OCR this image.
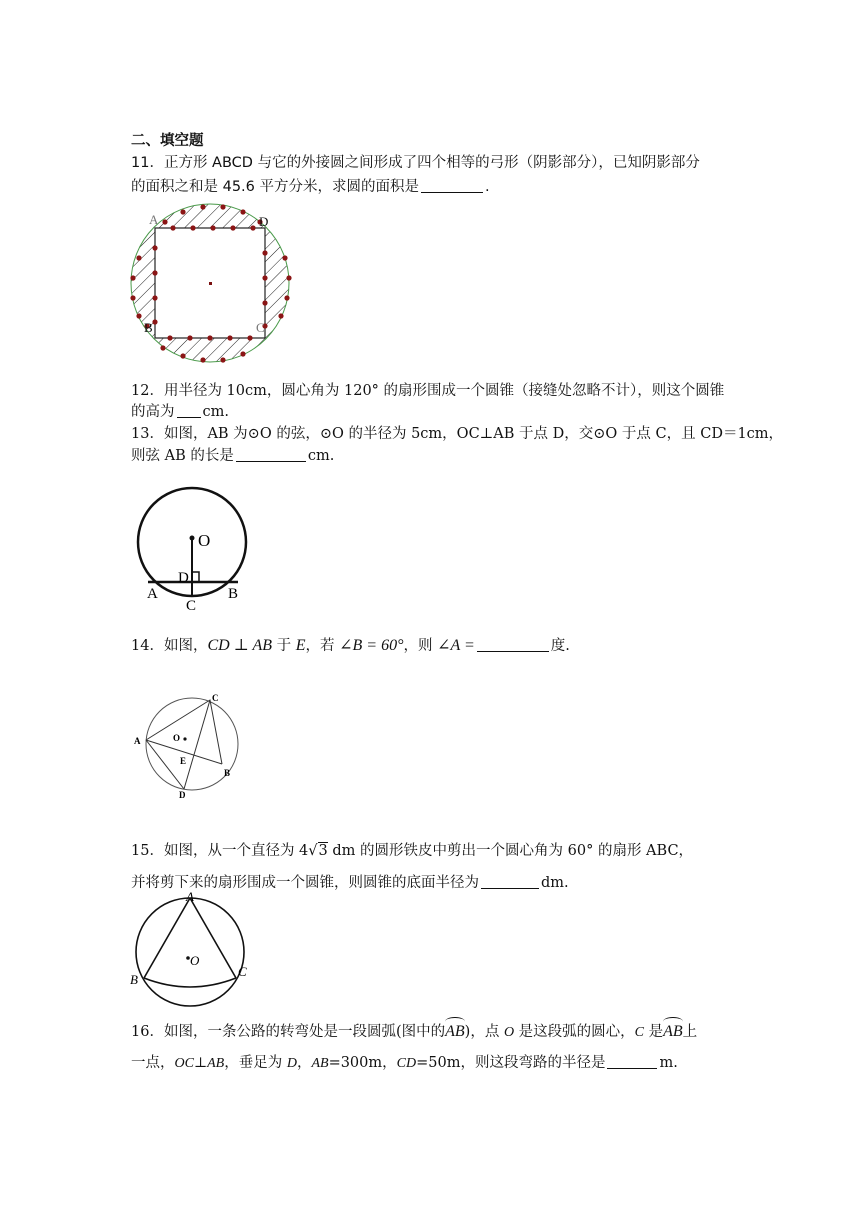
二、填空题
11．正方形 ABCD 与它的外接圆之间形成了四个相等的弓形（阴影部分），已知阴影部分
的面积之和是 45.6 平方分米，求圆的面积是	.
A	D
B	C
12．用半径为 10cm，圆心角为 120° 的扇形围成一个圆锥（接缝处忽略不计），则这个圆锥
的高为 cm.
13．如图，AB 为⊙O 的弦，⊙O 的半径为 5cm，OC⊥AB 于点 D，交⊙O 于点 C，且 CD＝1cm，
则弦 AB 的长是	cm.
O
D
A	B
C
14．如图，CD ⊥ AB 于 E，若 ∠B = 60°，则 ∠A =	度.
C
A	O
E
B
D
15．如图，从一个直径为 4√3 dm 的圆形铁皮中剪出一个圆心角为 60° 的扇形 ABC，
并将剪下来的扇形围成一个圆锥，则圆锥的底面半径为	dm.
A
B
C
O
16．如图，一条公路的转弯处是一段圆弧(图中的AB)，点 O 是这段弧的圆心，C 是AB上
一点，OC⊥AB，垂足为 D，AB=300m，CD=50m，则这段弯路的半径是	m.
